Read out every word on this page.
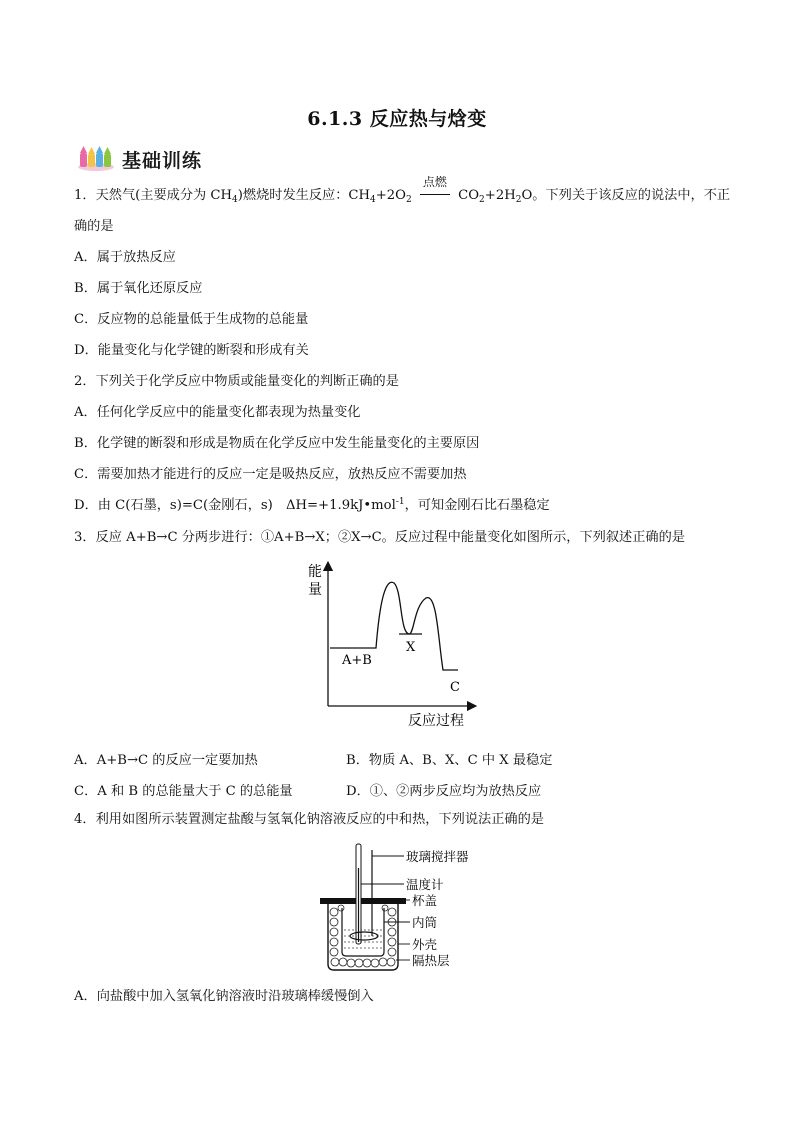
6.1.3 反应热与焓变
基础训练
1．天然气(主要成分为 $CH_4$)燃烧时发生反应：$CH_4+2O_2$
点燃
$CO_2+2H_2O$。下列关于该反应的说法中，不正
确的是
A．属于放热反应
B．属于氧化还原反应
C．反应物的总能量低于生成物的总能量
D．能量变化与化学键的断裂和形成有关
2．下列关于化学反应中物质或能量变化的判断正确的是
A．任何化学反应中的能量变化都表现为热量变化
B．化学键的断裂和形成是物质在化学反应中发生能量变化的主要原因
C．需要加热才能进行的反应一定是吸热反应，放热反应不需要加热
D．由 C(石墨，s)=C(金刚石，s)　ΔH=+1.9kJ•mol$^{-1}$，可知金刚石比石墨稳定
3．反应 A+B→C 分两步进行：①A+B→X；②X→C。反应过程中能量变化如图所示，下列叙述正确的是
能
量
A+B
X
C
反应过程
A．A+B→C 的反应一定要加热	B．物质 A、B、X、C 中 X 最稳定
C．A 和 B 的总能量大于 C 的总能量	D．①、②两步反应均为放热反应
4．利用如图所示装置测定盐酸与氢氧化钠溶液反应的中和热，下列说法正确的是
玻璃搅拌器
温度计
杯盖
内筒
外壳
隔热层
A．向盐酸中加入氢氧化钠溶液时沿玻璃棒缓慢倒入
